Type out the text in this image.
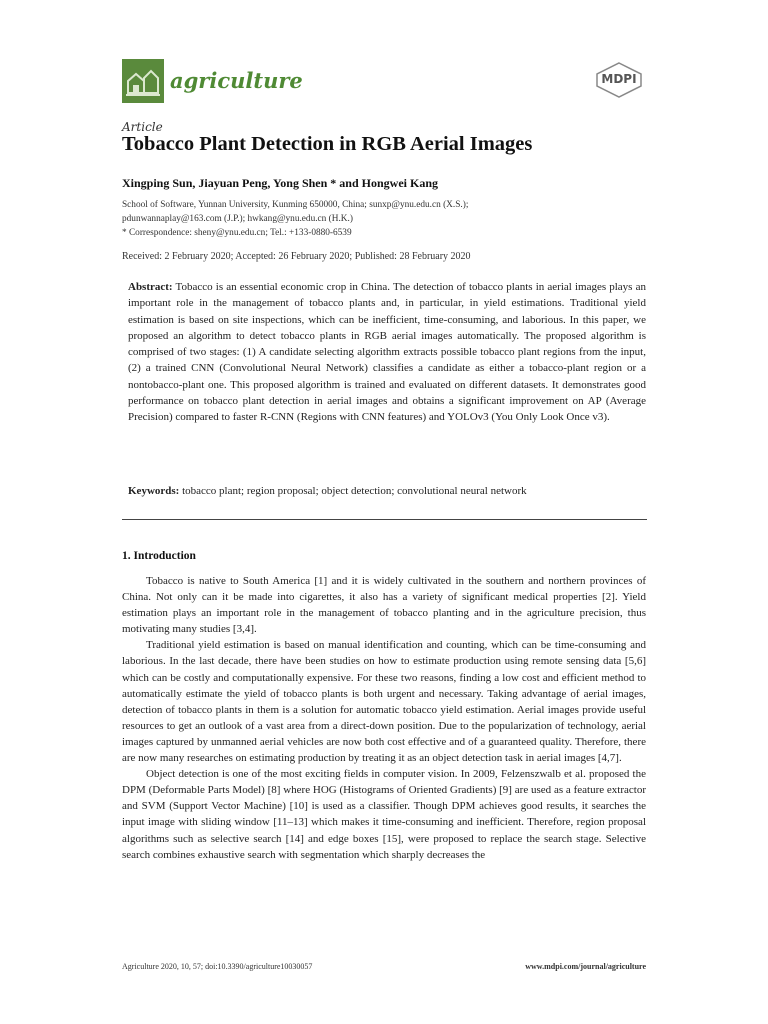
agriculture	MDPI
Article
Tobacco Plant Detection in RGB Aerial Images
Xingping Sun, Jiayuan Peng, Yong Shen * and Hongwei Kang
School of Software, Yunnan University, Kunming 650000, China; sunxp@ynu.edu.cn (X.S.);
pdunwannaplay@163.com (J.P.); hwkang@ynu.edu.cn (H.K.)
* Correspondence: sheny@ynu.edu.cn; Tel.: +133-0880-6539
Received: 2 February 2020; Accepted: 26 February 2020; Published: 28 February 2020
Abstract: Tobacco is an essential economic crop in China. The detection of tobacco plants in aerial images plays an important role in the management of tobacco plants and, in particular, in yield estimations. Traditional yield estimation is based on site inspections, which can be inefficient, time-consuming, and laborious. In this paper, we proposed an algorithm to detect tobacco plants in RGB aerial images automatically. The proposed algorithm is comprised of two stages: (1) A candidate selecting algorithm extracts possible tobacco plant regions from the input, (2) a trained CNN (Convolutional Neural Network) classifies a candidate as either a tobacco-plant region or a nontobacco-plant one. This proposed algorithm is trained and evaluated on different datasets. It demonstrates good performance on tobacco plant detection in aerial images and obtains a significant improvement on AP (Average Precision) compared to faster R-CNN (Regions with CNN features) and YOLOv3 (You Only Look Once v3).
Keywords: tobacco plant; region proposal; object detection; convolutional neural network
1. Introduction

Tobacco is native to South America [1] and it is widely cultivated in the southern and northern provinces of China. Not only can it be made into cigarettes, it also has a variety of significant medical properties [2]. Yield estimation plays an important role in the management of tobacco planting and in the agriculture precision, thus motivating many studies [3,4].

Traditional yield estimation is based on manual identification and counting, which can be time-consuming and laborious. In the last decade, there have been studies on how to estimate production using remote sensing data [5,6] which can be costly and computationally expensive. For these two reasons, finding a low cost and efficient method to automatically estimate the yield of tobacco plants is both urgent and necessary. Taking advantage of aerial images, detection of tobacco plants in them is a solution for automatic tobacco yield estimation. Aerial images provide useful resources to get an outlook of a vast area from a direct-down position. Due to the popularization of technology, aerial images captured by unmanned aerial vehicles are now both cost effective and of a guaranteed quality. Therefore, there are now many researches on estimating production by treating it as an object detection task in aerial images [4,7].

Object detection is one of the most exciting fields in computer vision. In 2009, Felzenszwalb et al. proposed the DPM (Deformable Parts Model) [8] where HOG (Histograms of Oriented Gradients) [9] are used as a feature extractor and SVM (Support Vector Machine) [10] is used as a classifier. Though DPM achieves good results, it searches the input image with sliding window [11–13] which makes it time-consuming and inefficient. Therefore, region proposal algorithms such as selective search [14] and edge boxes [15], were proposed to replace the search stage. Selective search combines exhaustive search with segmentation which sharply decreases the

Agriculture 2020, 10, 57; doi:10.3390/agriculture10030057	www.mdpi.com/journal/agriculture
